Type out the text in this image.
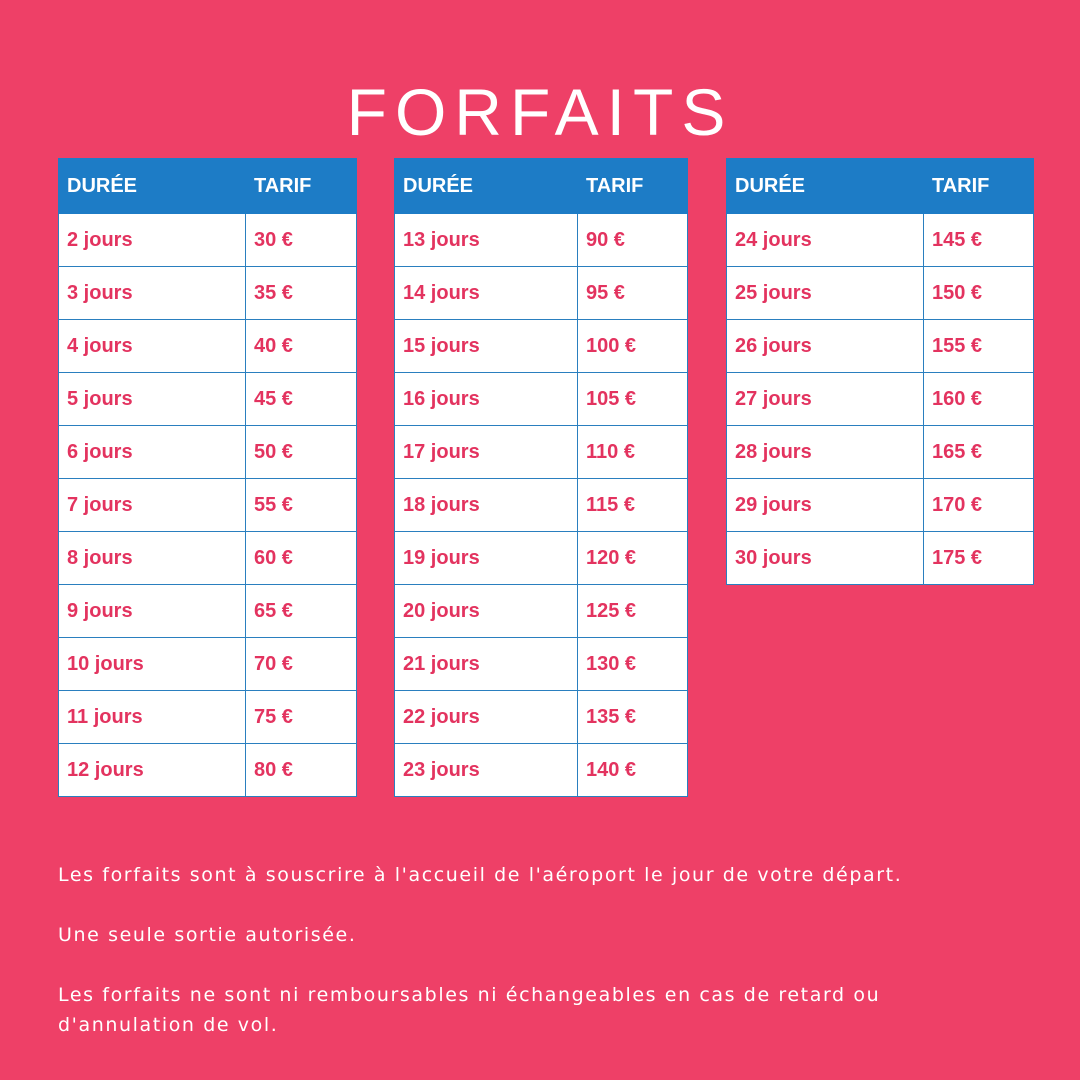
FORFAITS
DURÉE	TARIF
2 jours	30 €
3 jours	35 €
4 jours	40 €
5 jours	45 €
6 jours	50 €
7 jours	55 €
8 jours	60 €
9 jours	65 €
10 jours	70 €
11 jours	75 €
12 jours	80 €
DURÉE	TARIF
13 jours	90 €
14 jours	95 €
15 jours	100 €
16 jours	105 €
17 jours	110 €
18 jours	115 €
19 jours	120 €
20 jours	125 €
21 jours	130 €
22 jours	135 €
23 jours	140 €
DURÉE	TARIF
24 jours	145 €
25 jours	150 €
26 jours	155 €
27 jours	160 €
28 jours	165 €
29 jours	170 €
30 jours	175 €

Les forfaits sont à souscrire à l'accueil de l'aéroport le jour de votre départ.

Une seule sortie autorisée.

Les forfaits ne sont ni remboursables ni échangeables en cas de retard ou d'annulation de vol.
